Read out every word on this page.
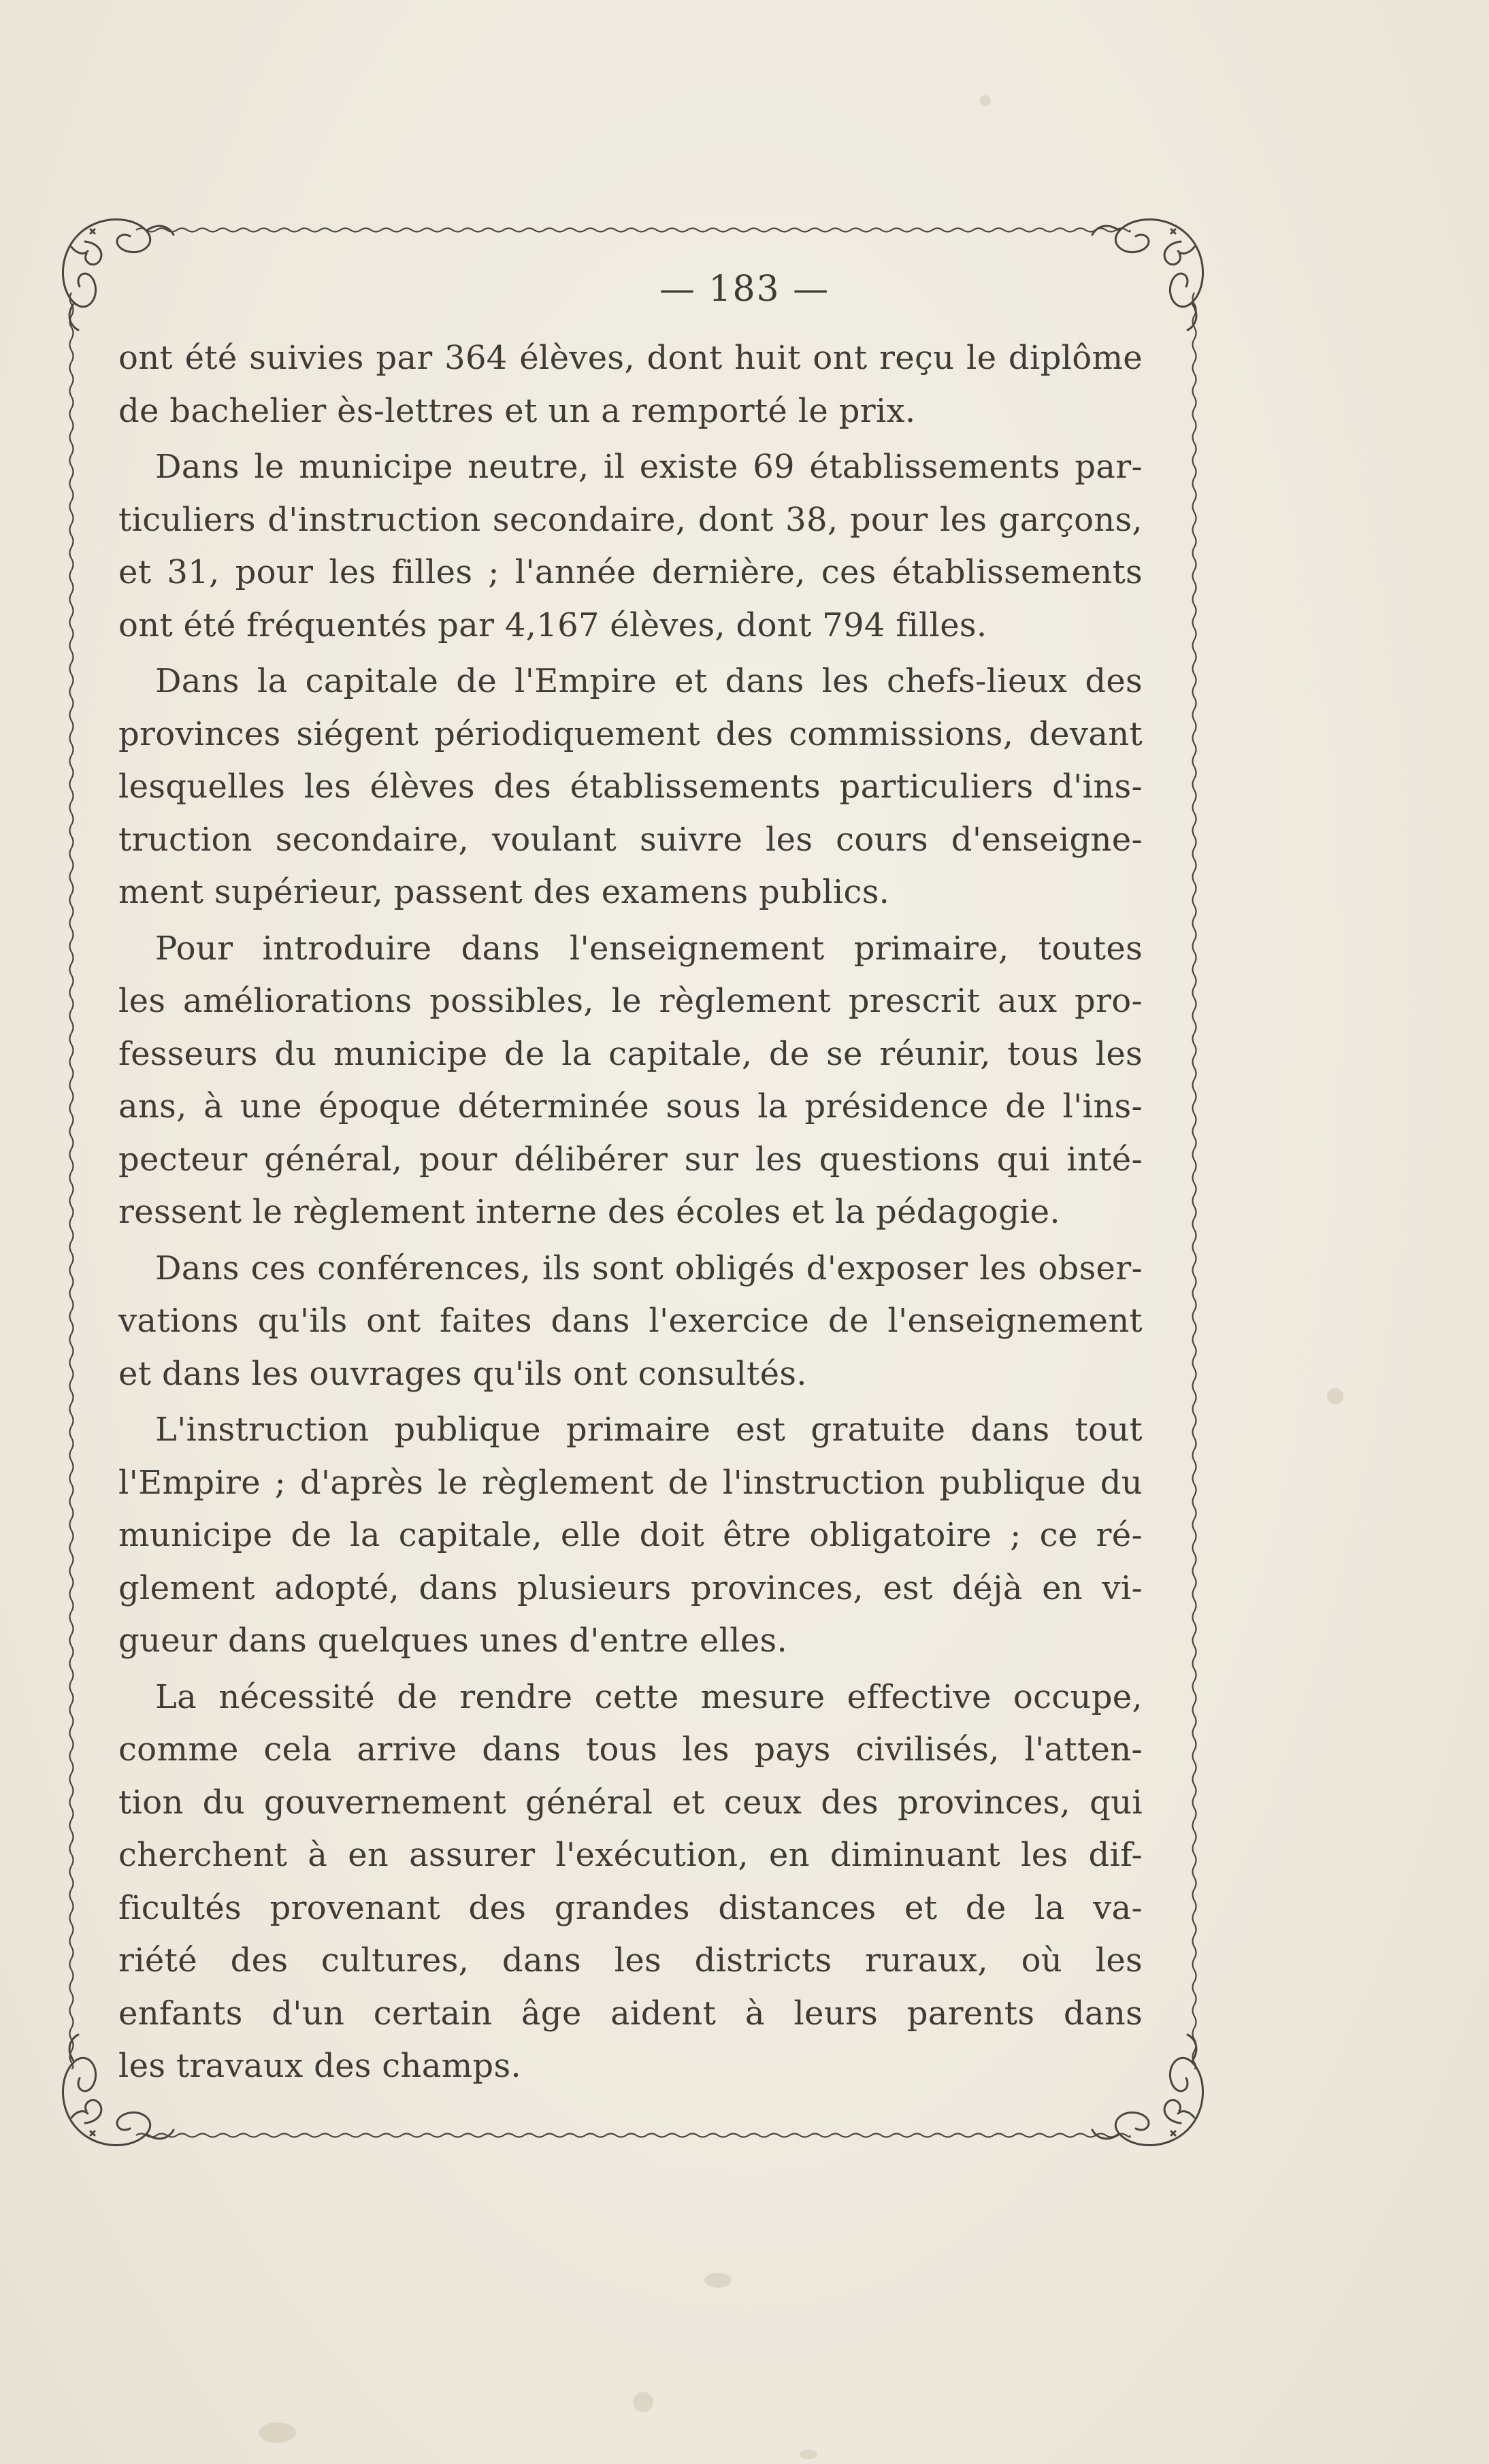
— 183 —
ont été suivies par 364 élèves, dont huit ont reçu le diplôme
de bachelier ès-lettres et un a remporté le prix.
Dans le municipe neutre, il existe 69 établissements par-
ticuliers d'instruction secondaire, dont 38, pour les garçons,
et 31, pour les filles ; l'année dernière, ces établissements
ont été fréquentés par 4,167 élèves, dont 794 filles.
Dans la capitale de l'Empire et dans les chefs-lieux des
provinces siégent périodiquement des commissions, devant
lesquelles les élèves des établissements particuliers d'ins-
truction secondaire, voulant suivre les cours d'enseigne-
ment supérieur, passent des examens publics.
Pour introduire dans l'enseignement primaire, toutes
les améliorations possibles, le règlement prescrit aux pro-
fesseurs du municipe de la capitale, de se réunir, tous les
ans, à une époque déterminée sous la présidence de l'ins-
pecteur général, pour délibérer sur les questions qui inté-
ressent le règlement interne des écoles et la pédagogie.
Dans ces conférences, ils sont obligés d'exposer les obser-
vations qu'ils ont faites dans l'exercice de l'enseignement
et dans les ouvrages qu'ils ont consultés.
L'instruction publique primaire est gratuite dans tout
l'Empire ; d'après le règlement de l'instruction publique du
municipe de la capitale, elle doit être obligatoire ; ce ré-
glement adopté, dans plusieurs provinces, est déjà en vi-
gueur dans quelques unes d'entre elles.
La nécessité de rendre cette mesure effective occupe,
comme cela arrive dans tous les pays civilisés, l'atten-
tion du gouvernement général et ceux des provinces, qui
cherchent à en assurer l'exécution, en diminuant les dif-
ficultés provenant des grandes distances et de la va-
riété des cultures, dans les districts ruraux, où les
enfants d'un certain âge aident à leurs parents dans
les travaux des champs.
